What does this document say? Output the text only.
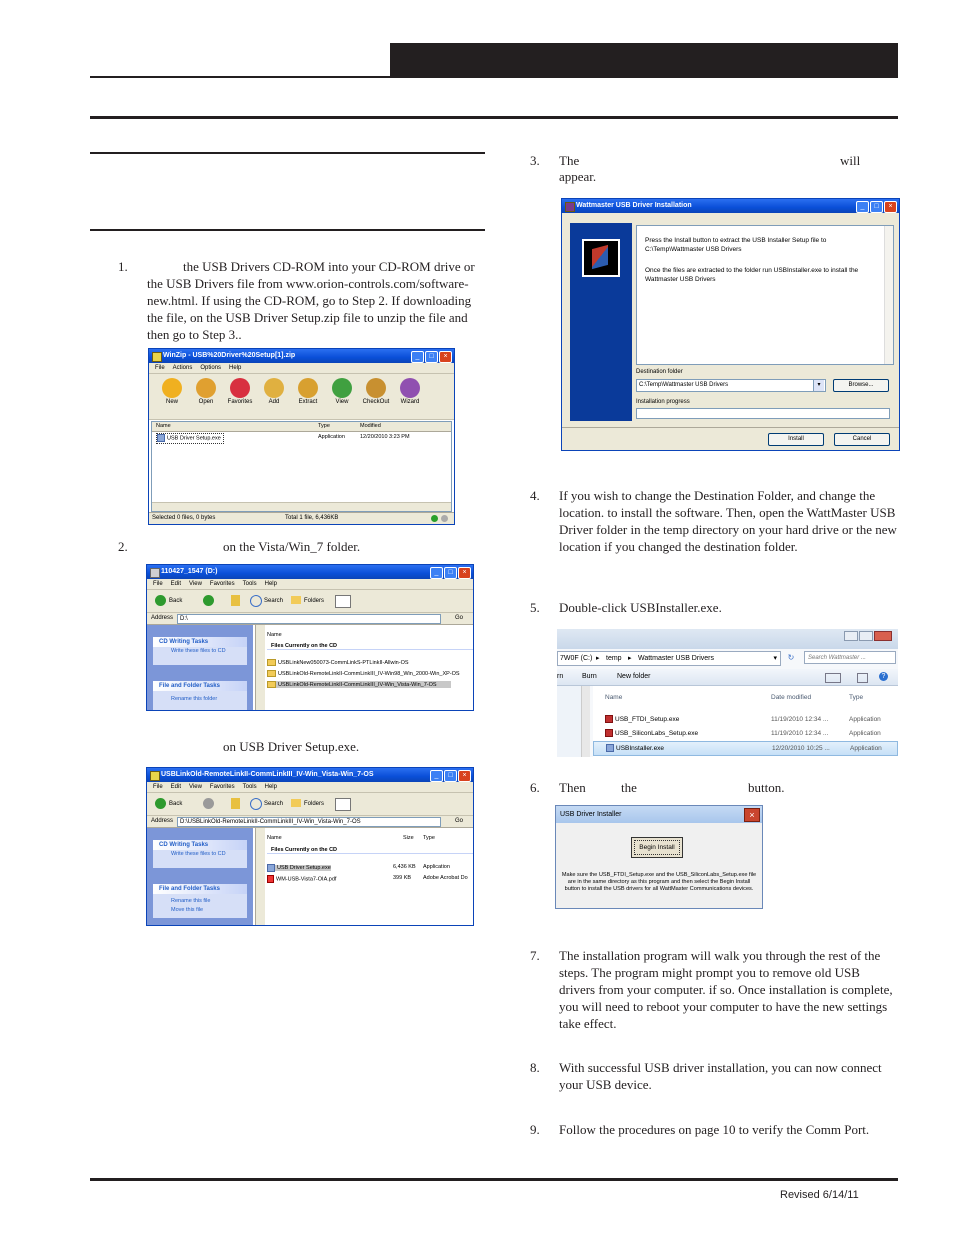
1.	the USB Drivers CD-ROM into your CD-ROM drive or the USB Drivers file from www.orion-controls.com/software-new.html. If using the CD-ROM, go to Step 2. If downloading the file, on the USB Driver Setup.zip file to unzip the file and then go to Step 3..

WinZip - USB%20Driver%20Setup[1].zip	_	□	×
File Actions Options Help
New	Open	Favorites	Add	Extract	View	CheckOut	Wizard
Name	Type	Modified
USB Driver Setup.exe	Application	12/20/2010 3:23 PM
Selected 0 files, 0 bytes	Total 1 file, 6,436KB
2.	on the Vista/Win_7 folder.

110427_1547 (D:)	_	□	×
File Edit View Favorites Tools Help
Back	Search	Folders
Address	D:\	Go
CD Writing Tasks
Write these files to CD
File and Folder Tasks
Rename this folder
Name
Files Currently on the CD
USBLinkNew050073-CommLinkS-PTLinkII-Allwin-OS
USBLinkOld-RemoteLinkII-CommLinkIII_IV-Win98_Win_2000-Win_XP-OS
USBLinkOld-RemoteLinkII-CommLinkIII_IV-Win_Vista-Win_7-OS

on USB Driver Setup.exe.

USBLinkOld-RemoteLinkII-CommLinkIII_IV-Win_Vista-Win_7-OS	_	□	×
File Edit View Favorites Tools Help
Back	Search	Folders
Address	D:\USBLinkOld-RemoteLinkII-CommLinkIII_IV-Win_Vista-Win_7-OS	Go
CD Writing Tasks
Write these files to CD
File and Folder Tasks
Rename this file
Move this file
Name	Size Type
Files Currently on the CD
USB Driver Setup.exe	6,436 KB Application
WM-USB-Vista7-OIA.pdf	399 KB Adobe Acrobat Do
3. The	will
appear.
Wattmaster USB Driver Installation	_	□	×
Press the Install button to extract the USB Installer Setup file to C:\Temp\Wattmaster USB Drivers
Once the files are extracted to the folder run USBInstaller.exe to install the Wattmaster USB Drivers
Destination folder
C:\Temp\Wattmaster USB Drivers	▾	Browse...
Installation progress
Install	Cancel
4. If you wish to change the Destination Folder, and change the location. to install the software. Then, open the WattMaster USB Driver folder in the temp directory on your hard drive or the new location if you changed the destination folder.

5. Double-click USBInstaller.exe.

7W0F (C:) ▸ temp ▸ Wattmaster USB Drivers	▾	↻	Search Wattmaster ...
rn	Burn	New folder	?
Name	Date modified	Type
USB_FTDI_Setup.exe	11/19/2010 12:34 ...	Application
USB_SiliconLabs_Setup.exe	11/19/2010 12:34 ...	Application
USBInstaller.exe	12/20/2010 10:25 ...	Application
6. Then	the	button.
USB Driver Installer	×
Begin Install
Make sure the USB_FTDI_Setup.exe and the USB_SiliconLabs_Setup.exe file are in the same directory as this program and then select the Begin Install button to install the USB drivers for all WattMaster Communications devices.
7. The installation program will walk you through the rest of the steps. The program might prompt you to remove old USB drivers from your computer. if so. Once installation is complete, you will need to reboot your computer to have the new settings take effect.

8. With successful USB driver installation, you can now connect your USB device.

9. Follow the procedures on page 10 to verify the Comm Port.

Revised 6/14/11
